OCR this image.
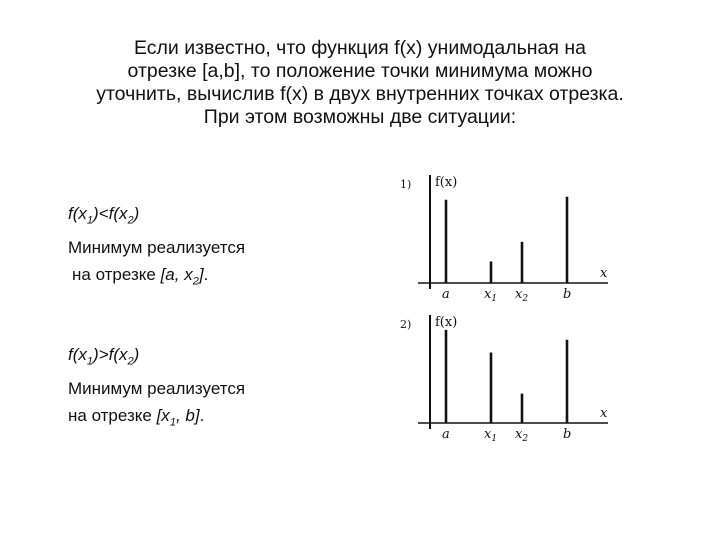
Если известно, что функция f(x) унимодальная на
отрезке [a,b], то положение точки минимума можно
уточнить, вычислив f(x) в двух внутренних точках отрезка.
При этом возможны две ситуации:
$f(x_1)<f(x_2)$
Минимум реализуется
на отрезке [a, $x_2$].
$f(x_1)>f(x_2)$
Минимум реализуется
на отрезке [$x_1$, b].
1) f(x)
x
a	$x_1$ $x_2$	b
2) f(x)
x
a	$x_1$ $x_2$	b
